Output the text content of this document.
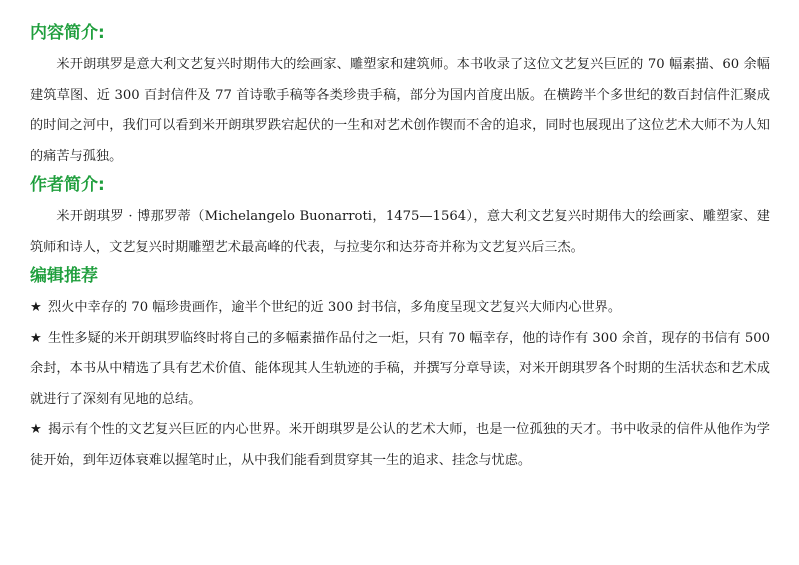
内容简介:

米开朗琪罗是意大利文艺复兴时期伟大的绘画家、雕塑家和建筑师。本书收录了这位文艺复兴巨匠的 70 幅素描、60 余幅建筑草图、近 300 百封信件及 77 首诗歌手稿等各类珍贵手稿，部分为国内首度出版。在横跨半个多世纪的数百封信件汇聚成的时间之河中，我们可以看到米开朗琪罗跌宕起伏的一生和对艺术创作锲而不舍的追求，同时也展现出了这位艺术大师不为人知的痛苦与孤独。

作者简介:

米开朗琪罗 · 博那罗蒂（Michelangelo Buonarroti，1475—1564），意大利文艺复兴时期伟大的绘画家、雕塑家、建筑师和诗人，文艺复兴时期雕塑艺术最高峰的代表，与拉斐尔和达芬奇并称为文艺复兴后三杰。

编辑推荐
★ 烈火中幸存的 70 幅珍贵画作，逾半个世纪的近 300 封书信，多角度呈现文艺复兴大师内心世界。
★ 生性多疑的米开朗琪罗临终时将自己的多幅素描作品付之一炬，只有 70 幅幸存，他的诗作有 300 余首，现存的书信有 500 余封，本书从中精选了具有艺术价值、能体现其人生轨迹的手稿，并撰写分章导读，对米开朗琪罗各个时期的生活状态和艺术成就进行了深刻有见地的总结。
★ 揭示有个性的文艺复兴巨匠的内心世界。米开朗琪罗是公认的艺术大师，也是一位孤独的天才。书中收录的信件从他作为学徒开始，到年迈体衰难以握笔时止，从中我们能看到贯穿其一生的追求、挂念与忧虑。
